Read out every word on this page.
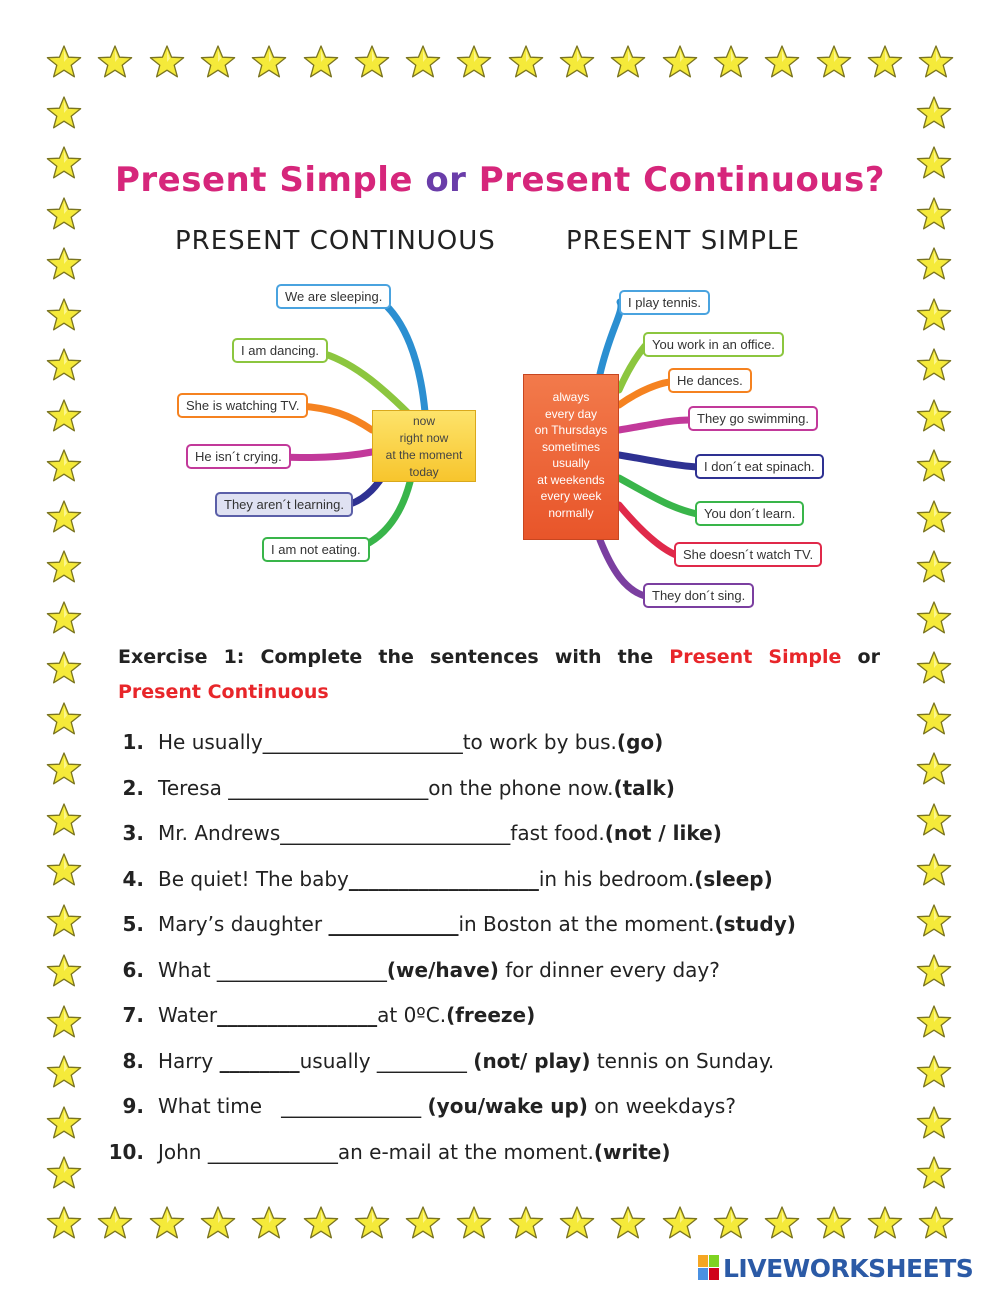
Present Simple or Present Continuous?
PRESENT CONTINUOUS	PRESENT SIMPLE
We are sleeping.
I am dancing.
She is watching TV.
He isn´t crying.
They aren´t learning.
I am not eating.
now
right now
at the moment
today
I play tennis.
You work in an office.
He dances.
They go swimming.
I don´t eat spinach.
You don´t learn.
She doesn´t watch TV.
They don´t sing.
always
every day
on Thursdays
sometimes
usually
at weekends
every week
normally
Exercise 1: Complete the sentences with the Present Simple or Present Continuous
1. He usually____________________to work by bus.(go)
2. Teresa ____________________on the phone now.(talk)
3. Mr. Andrews_______________________fast food.(not / like)
4. Be quiet! The baby___________________in his bedroom.(sleep)
5. Mary’s daughter _____________in Boston at the moment.(study)
6. What _________________(we/have) for dinner every day?
7. Water________________at 0ºC.(freeze)
8. Harry ________usually _________ (not/ play) tennis on Sunday.
9. What time   ______________ (you/wake up) on weekdays?
10. John _____________an e-mail at the moment.(write)
LIVEWORKSHEETS
